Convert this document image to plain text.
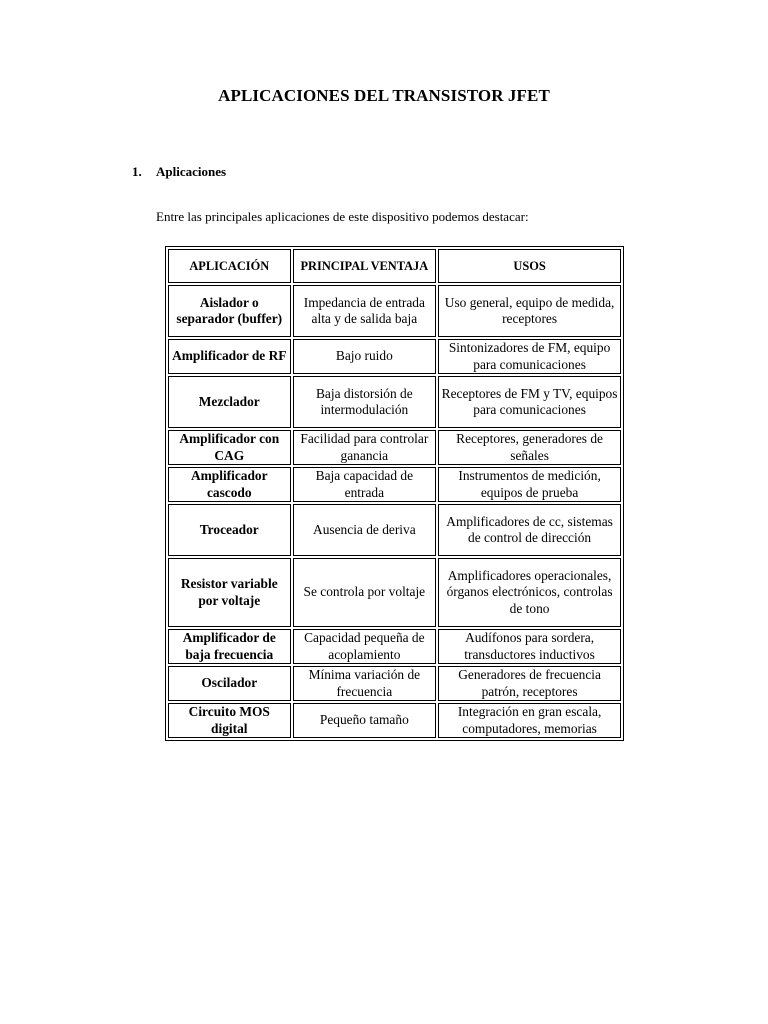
APLICACIONES DEL TRANSISTOR JFET

1. Aplicaciones

Entre las principales aplicaciones de este dispositivo podemos destacar:

APLICACIÓN	PRINCIPAL VENTAJA	USOS
Aislador o separador (buffer)	Impedancia de entrada alta y de salida baja	Uso general, equipo de medida, receptores
Amplificador de RF	Bajo ruido	Sintonizadores de FM, equipo para comunicaciones
Mezclador	Baja distorsión de intermodulación	Receptores de FM y TV, equipos para comunicaciones
Amplificador con CAG	Facilidad para controlar ganancia	Receptores, generadores de señales
Amplificador cascodo	Baja capacidad de entrada	Instrumentos de medición, equipos de prueba
Troceador	Ausencia de deriva	Amplificadores de cc, sistemas de control de dirección
Resistor variable por voltaje	Se controla por voltaje	Amplificadores operacionales, órganos electrónicos, controlas de tono
Amplificador de baja frecuencia	Capacidad pequeña de acoplamiento	Audífonos para sordera, transductores inductivos
Oscilador	Mínima variación de frecuencia	Generadores de frecuencia patrón, receptores
Circuito MOS digital	Pequeño tamaño	Integración en gran escala, computadores, memorias
